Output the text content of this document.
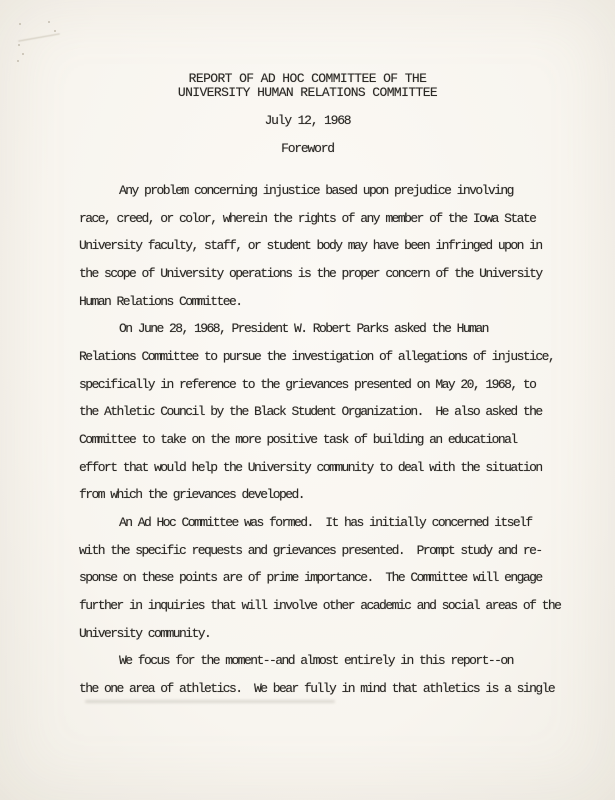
REPORT OF AD HOC COMMITTEE OF THE
UNIVERSITY HUMAN RELATIONS COMMITTEE
July 12, 1968
Foreword
Any problem concerning injustice based upon prejudice involving
race, creed, or color, wherein the rights of any member of the Iowa State
University faculty, staff, or student body may have been infringed upon in
the scope of University operations is the proper concern of the University
Human Relations Committee.
On June 28, 1968, President W. Robert Parks asked the Human
Relations Committee to pursue the investigation of allegations of injustice,
specifically in reference to the grievances presented on May 20, 1968, to
the Athletic Council by the Black Student Organization.  He also asked the
Committee to take on the more positive task of building an educational
effort that would help the University community to deal with the situation
from which the grievances developed.
An Ad Hoc Committee was formed.  It has initially concerned itself
with the specific requests and grievances presented.  Prompt study and re-
sponse on these points are of prime importance.  The Committee will engage
further in inquiries that will involve other academic and social areas of the
University community.
We focus for the moment--and almost entirely in this report--on
the one area of athletics.  We bear fully in mind that athletics is a single
